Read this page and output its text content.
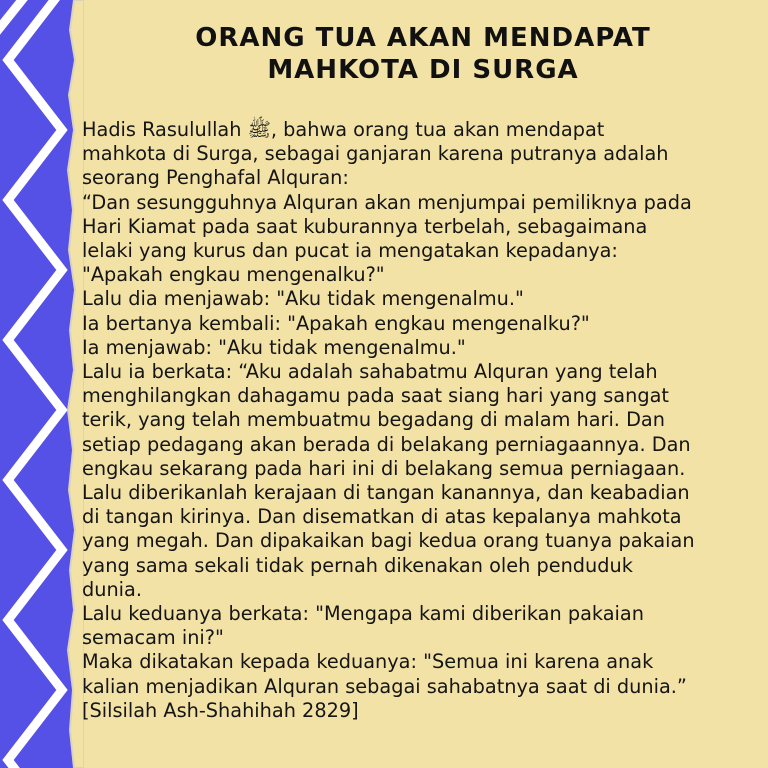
ORANG TUA AKAN MENDAPAT
MAHKOTA DI SURGA
Hadis Rasulullah ﷺ, bahwa orang tua akan mendapat
mahkota di Surga, sebagai ganjaran karena putranya adalah
seorang Penghafal Alquran:
“Dan sesungguhnya Alquran akan menjumpai pemiliknya pada
Hari Kiamat pada saat kuburannya terbelah, sebagaimana
lelaki yang kurus dan pucat ia mengatakan kepadanya:
"Apakah engkau mengenalku?"
Lalu dia menjawab: "Aku tidak mengenalmu."
Ia bertanya kembali: "Apakah engkau mengenalku?"
Ia menjawab: "Aku tidak mengenalmu."
Lalu ia berkata: “Aku adalah sahabatmu Alquran yang telah
menghilangkan dahagamu pada saat siang hari yang sangat
terik, yang telah membuatmu begadang di malam hari. Dan
setiap pedagang akan berada di belakang perniagaannya. Dan
engkau sekarang pada hari ini di belakang semua perniagaan.
Lalu diberikanlah kerajaan di tangan kanannya, dan keabadian
di tangan kirinya. Dan disematkan di atas kepalanya mahkota
yang megah. Dan dipakaikan bagi kedua orang tuanya pakaian
yang sama sekali tidak pernah dikenakan oleh penduduk
dunia.
Lalu keduanya berkata: "Mengapa kami diberikan pakaian
semacam ini?"
Maka dikatakan kepada keduanya: "Semua ini karena anak
kalian menjadikan Alquran sebagai sahabatnya saat di dunia.”
[Silsilah Ash-Shahihah 2829]
